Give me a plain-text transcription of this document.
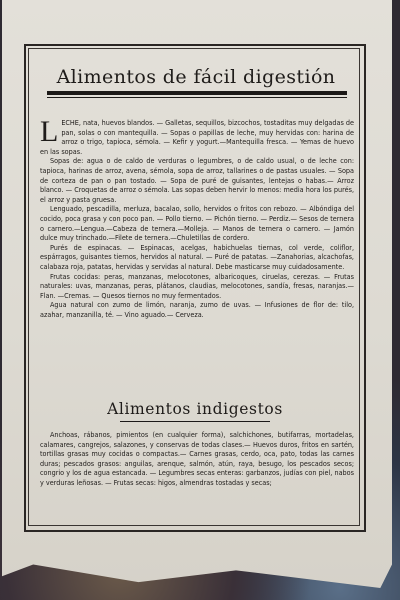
Alimentos de fácil digestión

LECHE, nata, huevos blandos. — Galletas, sequillos, bizcochos, tostaditas muy delgadas de pan, solas o con mantequilla. — Sopas o papillas de leche, muy hervidas con: harina de arroz o trigo, tapioca, sémola. — Kefir y yogurt.—Mantequilla fresca. — Yemas de huevo en las sopas.

Sopas de: agua o de caldo de verduras o legumbres, o de caldo usual, o de leche con: tapioca, harinas de arroz, avena, sémola, sopa de arroz, tallarines o de pastas usuales. — Sopa de corteza de pan o pan tostado. — Sopa de puré de guisantes, lentejas o habas.— Arroz blanco. — Croquetas de arroz o sémola. Las sopas deben hervir lo menos: media hora los purés, el arroz y pasta gruesa.

Lenguado, pescadilla, merluza, bacalao, sollo, hervidos o fritos con rebozo. — Albóndiga del cocido, poca grasa y con poco pan. — Pollo tierno. — Pichón tierno. — Perdiz.— Sesos de ternera o carnero.—Lengua.—Cabeza de ternera.—Molleja. — Manos de ternera o carnero. — Jamón dulce muy trinchado.—Filete de ternera.—Chuletillas de cordero.

Purés de espinacas. — Espinacas, acelgas, habichuelas tiernas, col verde, coliflor, espárragos, guisantes tiernos, hervidos al natural. — Puré de patatas. —Zanahorias, alcachofas, calabaza roja, patatas, hervidas y servidas al natural. Debe masticarse muy cuidadosamente.

Frutas cocidas: peras, manzanas, melocotones, albaricoques, ciruelas, cerezas. — Frutas naturales: uvas, manzanas, peras, plátanos, claudias, melocotones, sandía, fresas, naranjas.— Flan. —Cremas. — Quesos tiernos no muy fermentados.

Agua natural con zumo de limón, naranja, zumo de uvas. — Infusiones de flor de: tilo, azahar, manzanilla, té. — Vino aguado.— Cerveza.

Alimentos indigestos

Anchoas, rábanos, pimientos (en cualquier forma), salchichones, butifarras, mortadelas, calamares, cangrejos, salazones, y conservas de todas clases.— Huevos duros, fritos en sartén, tortillas grasas muy cocidas o compactas.— Carnes grasas, cerdo, oca, pato, todas las carnes duras; pescados grasos: anguilas, arenque, salmón, atún, raya, besugo, los pescados secos; congrio y los de agua estancada. — Legumbres secas enteras: garbanzos, judías con piel, nabos y verduras leñosas. — Frutas secas: higos, almendras tostadas y secas;
